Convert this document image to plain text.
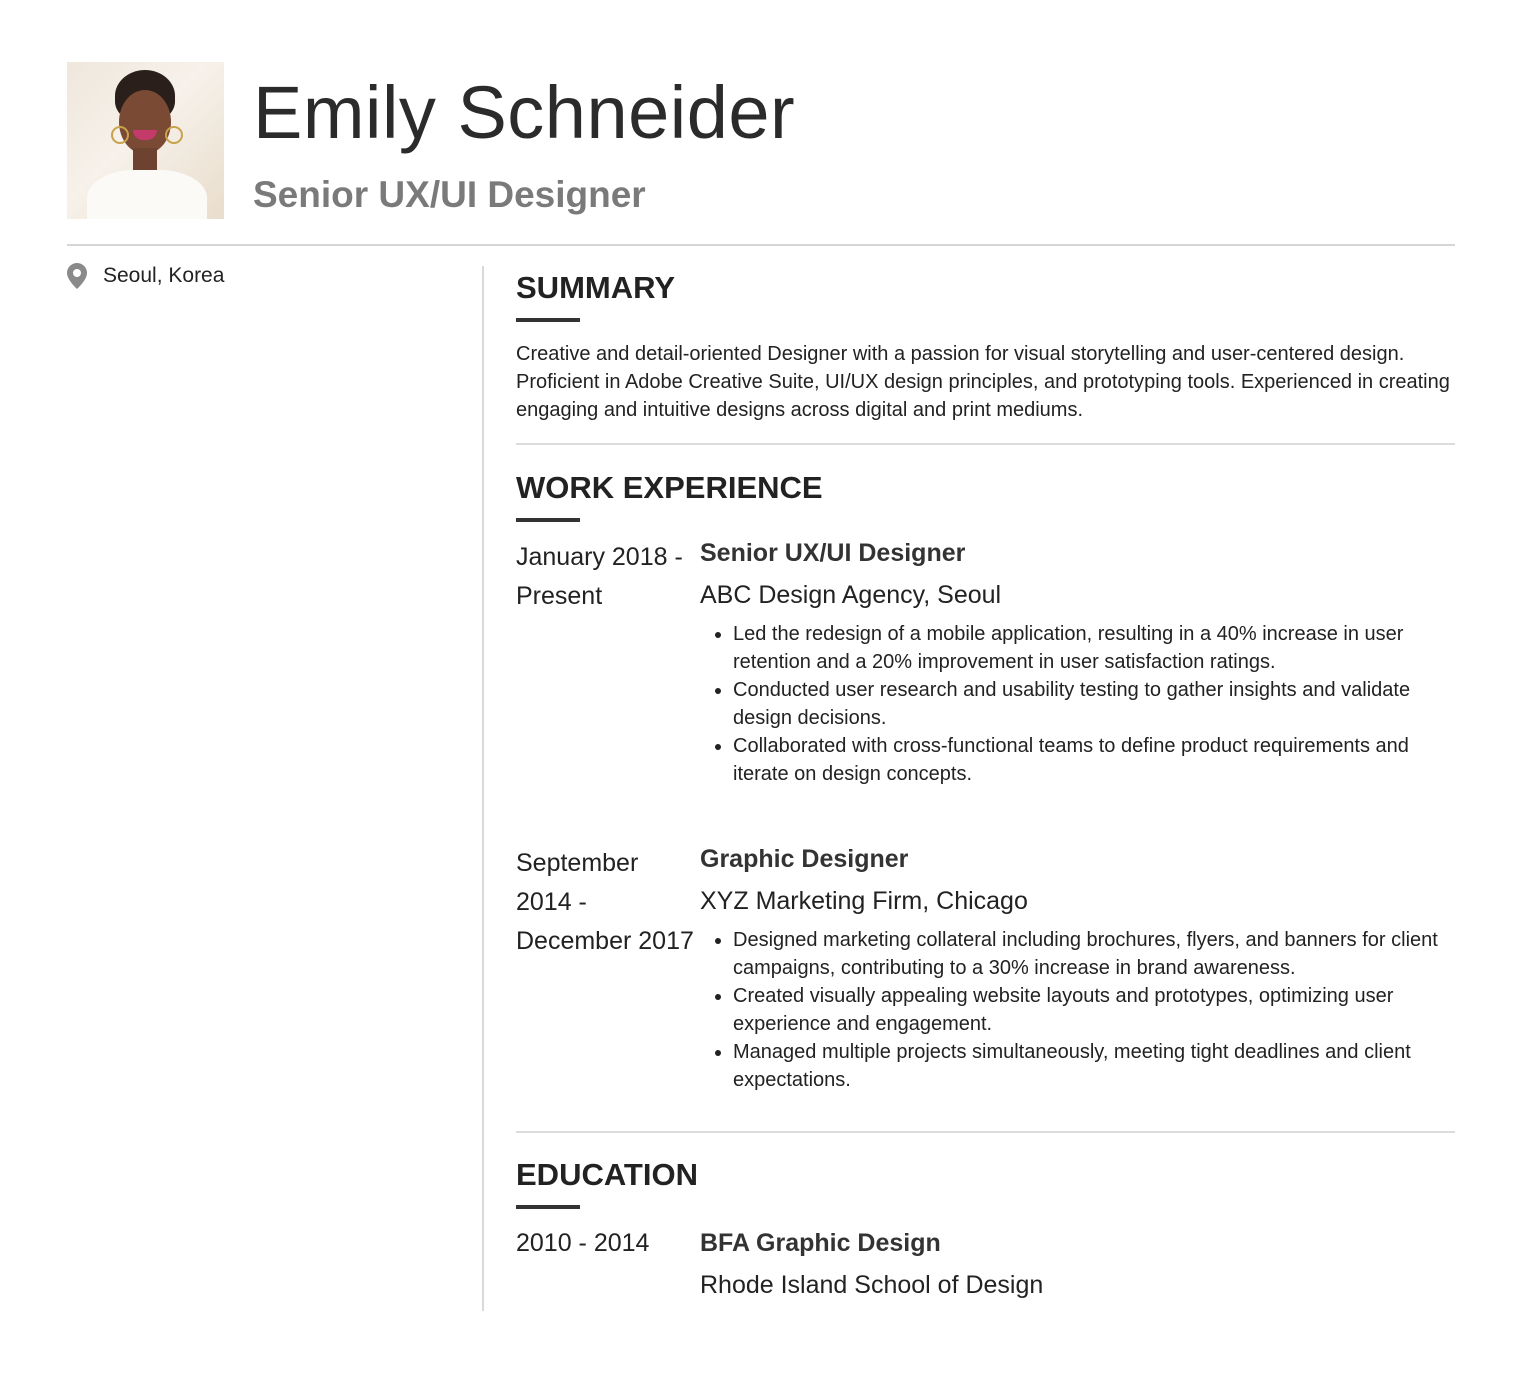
Emily Schneider
Senior UX/UI Designer
Seoul, Korea	SUMMARY
Creative and detail-oriented Designer with a passion for visual storytelling and user-centered design. Proficient in Adobe Creative Suite, UI/UX design principles, and prototyping tools. Experienced in creating engaging and intuitive designs across digital and print mediums.
WORK EXPERIENCE
January 2018 - Present
Senior UX/UI Designer
ABC Design Agency, Seoul
• Led the redesign of a mobile application, resulting in a 40% increase in user retention and a 20% improvement in user satisfaction ratings.
• Conducted user research and usability testing to gather insights and validate design decisions.
• Collaborated with cross-functional teams to define product requirements and iterate on design concepts.
September 2014 - December 2017
Graphic Designer
XYZ Marketing Firm, Chicago
• Designed marketing collateral including brochures, flyers, and banners for client campaigns, contributing to a 30% increase in brand awareness.
• Created visually appealing website layouts and prototypes, optimizing user experience and engagement.
• Managed multiple projects simultaneously, meeting tight deadlines and client expectations.
EDUCATION
2010 - 2014	BFA Graphic Design
Rhode Island School of Design
